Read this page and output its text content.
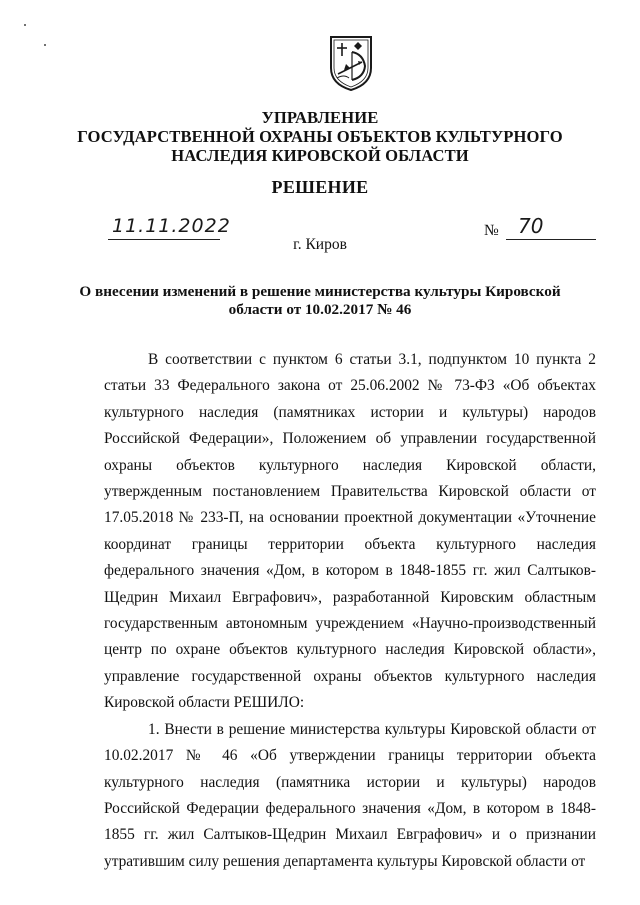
УПРАВЛЕНИЕ
ГОСУДАРСТВЕННОЙ ОХРАНЫ ОБЪЕКТОВ КУЛЬТУРНОГО
НАСЛЕДИЯ КИРОВСКОЙ ОБЛАСТИ
РЕШЕНИЕ
11.11.2022	№ 70
г. Киров
О внесении изменений в решение министерства культуры Кировской
области от 10.02.2017 № 46

В соответствии с пунктом 6 статьи 3.1, подпунктом 10 пункта 2 статьи 33 Федерального закона от 25.06.2002 № 73-ФЗ «Об объектах культурного наследия (памятниках истории и культуры) народов Российской Федерации», Положением об управлении государственной охраны объектов культурного наследия Кировской области, утвержденным постановлением Правительства Кировской области от 17.05.2018 № 233-П, на основании проектной документации «Уточнение координат границы территории объекта культурного наследия федерального значения «Дом, в котором в 1848-1855 гг. жил Салтыков-Щедрин Михаил Евграфович», разработанной Кировским областным государственным автономным учреждением «Научно-производственный центр по охране объектов культурного наследия Кировской области», управление государственной охраны объектов культурного наследия Кировской области РЕШИЛО:

1. Внести в решение министерства культуры Кировской области от 10.02.2017 № 46 «Об утверждении границы территории объекта культурного наследия (памятника истории и культуры) народов Российской Федерации федерального значения «Дом, в котором в 1848-1855 гг. жил Салтыков-Щедрин Михаил Евграфович» и о признании утратившим силу решения департамента культуры Кировской области от
